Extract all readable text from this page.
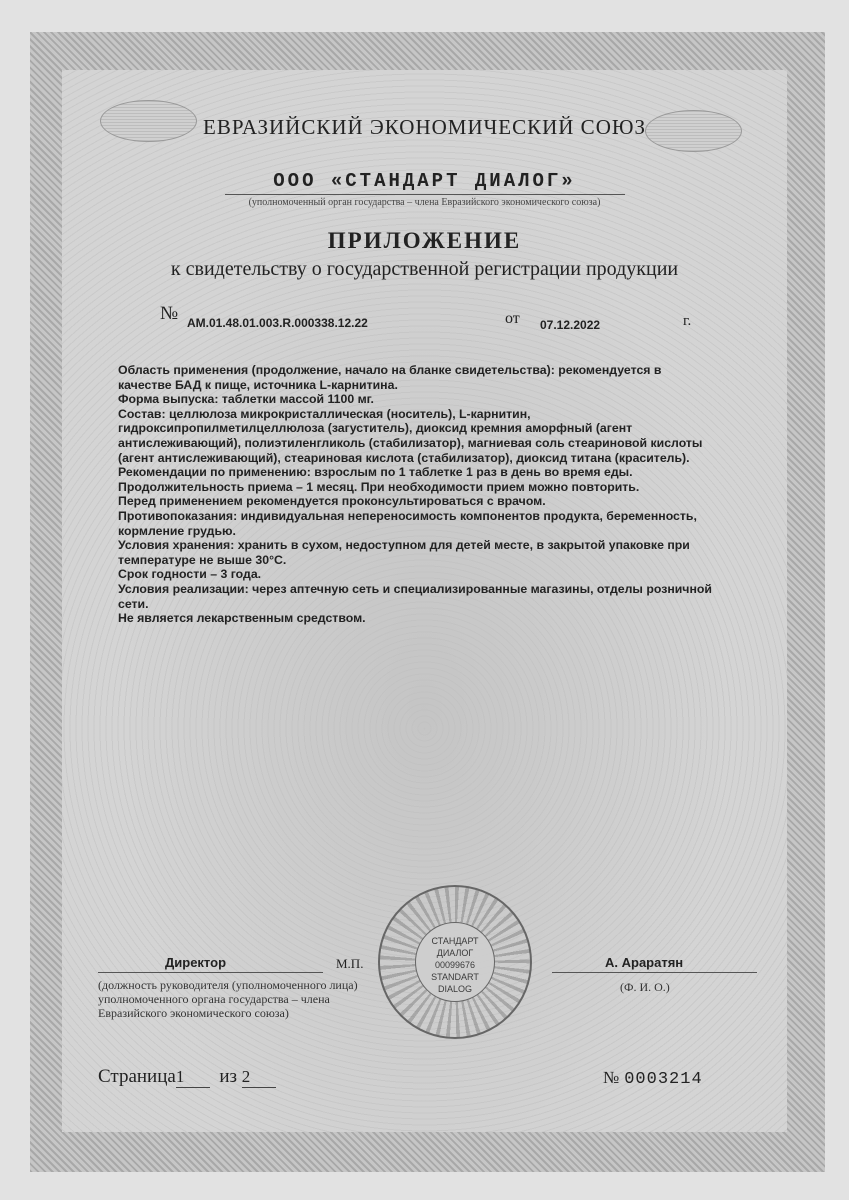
ЕВРАЗИЙСКИЙ ЭКОНОМИЧЕСКИЙ СОЮЗ
ООО «СТАНДАРТ ДИАЛОГ»
(уполномоченный орган государства – члена Евразийского экономического союза)
ПРИЛОЖЕНИЕ
к свидетельству о государственной регистрации продукции
№ AM.01.48.01.003.R.000338.12.22	от 07.12.2022	г.

Область применения (продолжение, начало на бланке свидетельства): рекомендуется в качестве БАД к пище, источника L-карнитина.

Форма выпуска: таблетки массой 1100 мг.

Состав: целлюлоза микрокристаллическая (носитель), L-карнитин, гидроксипропилметилцеллюлоза (загуститель), диоксид кремния аморфный (агент антислеживающий), полиэтиленгликоль (стабилизатор), магниевая соль стеариновой кислоты (агент антислеживающий), стеариновая кислота (стабилизатор), диоксид титана (краситель).

Рекомендации по применению: взрослым по 1 таблетке 1 раз в день во время еды.

Продолжительность приема – 1 месяц. При необходимости прием можно повторить.

Перед применением рекомендуется проконсультироваться с врачом.

Противопоказания: индивидуальная непереносимость компонентов продукта, беременность, кормление грудью.

Условия хранения: хранить в сухом, недоступном для детей месте, в закрытой упаковке при температуре не выше 30°С.

Срок годности – 3 года.

Условия реализации: через аптечную сеть и специализированные магазины, отделы розничной сети.

Не является лекарственным средством.

СТАНДАРТ ДИАЛОГ
00099676
STANDART DIALOG
Директор	М.П.	А. Араратян
(должность руководителя (уполномоченного лица) уполномоченного органа государства – члена Евразийского экономического союза)
(Ф. И. О.)
Страница1 из 2	№ 0003214
